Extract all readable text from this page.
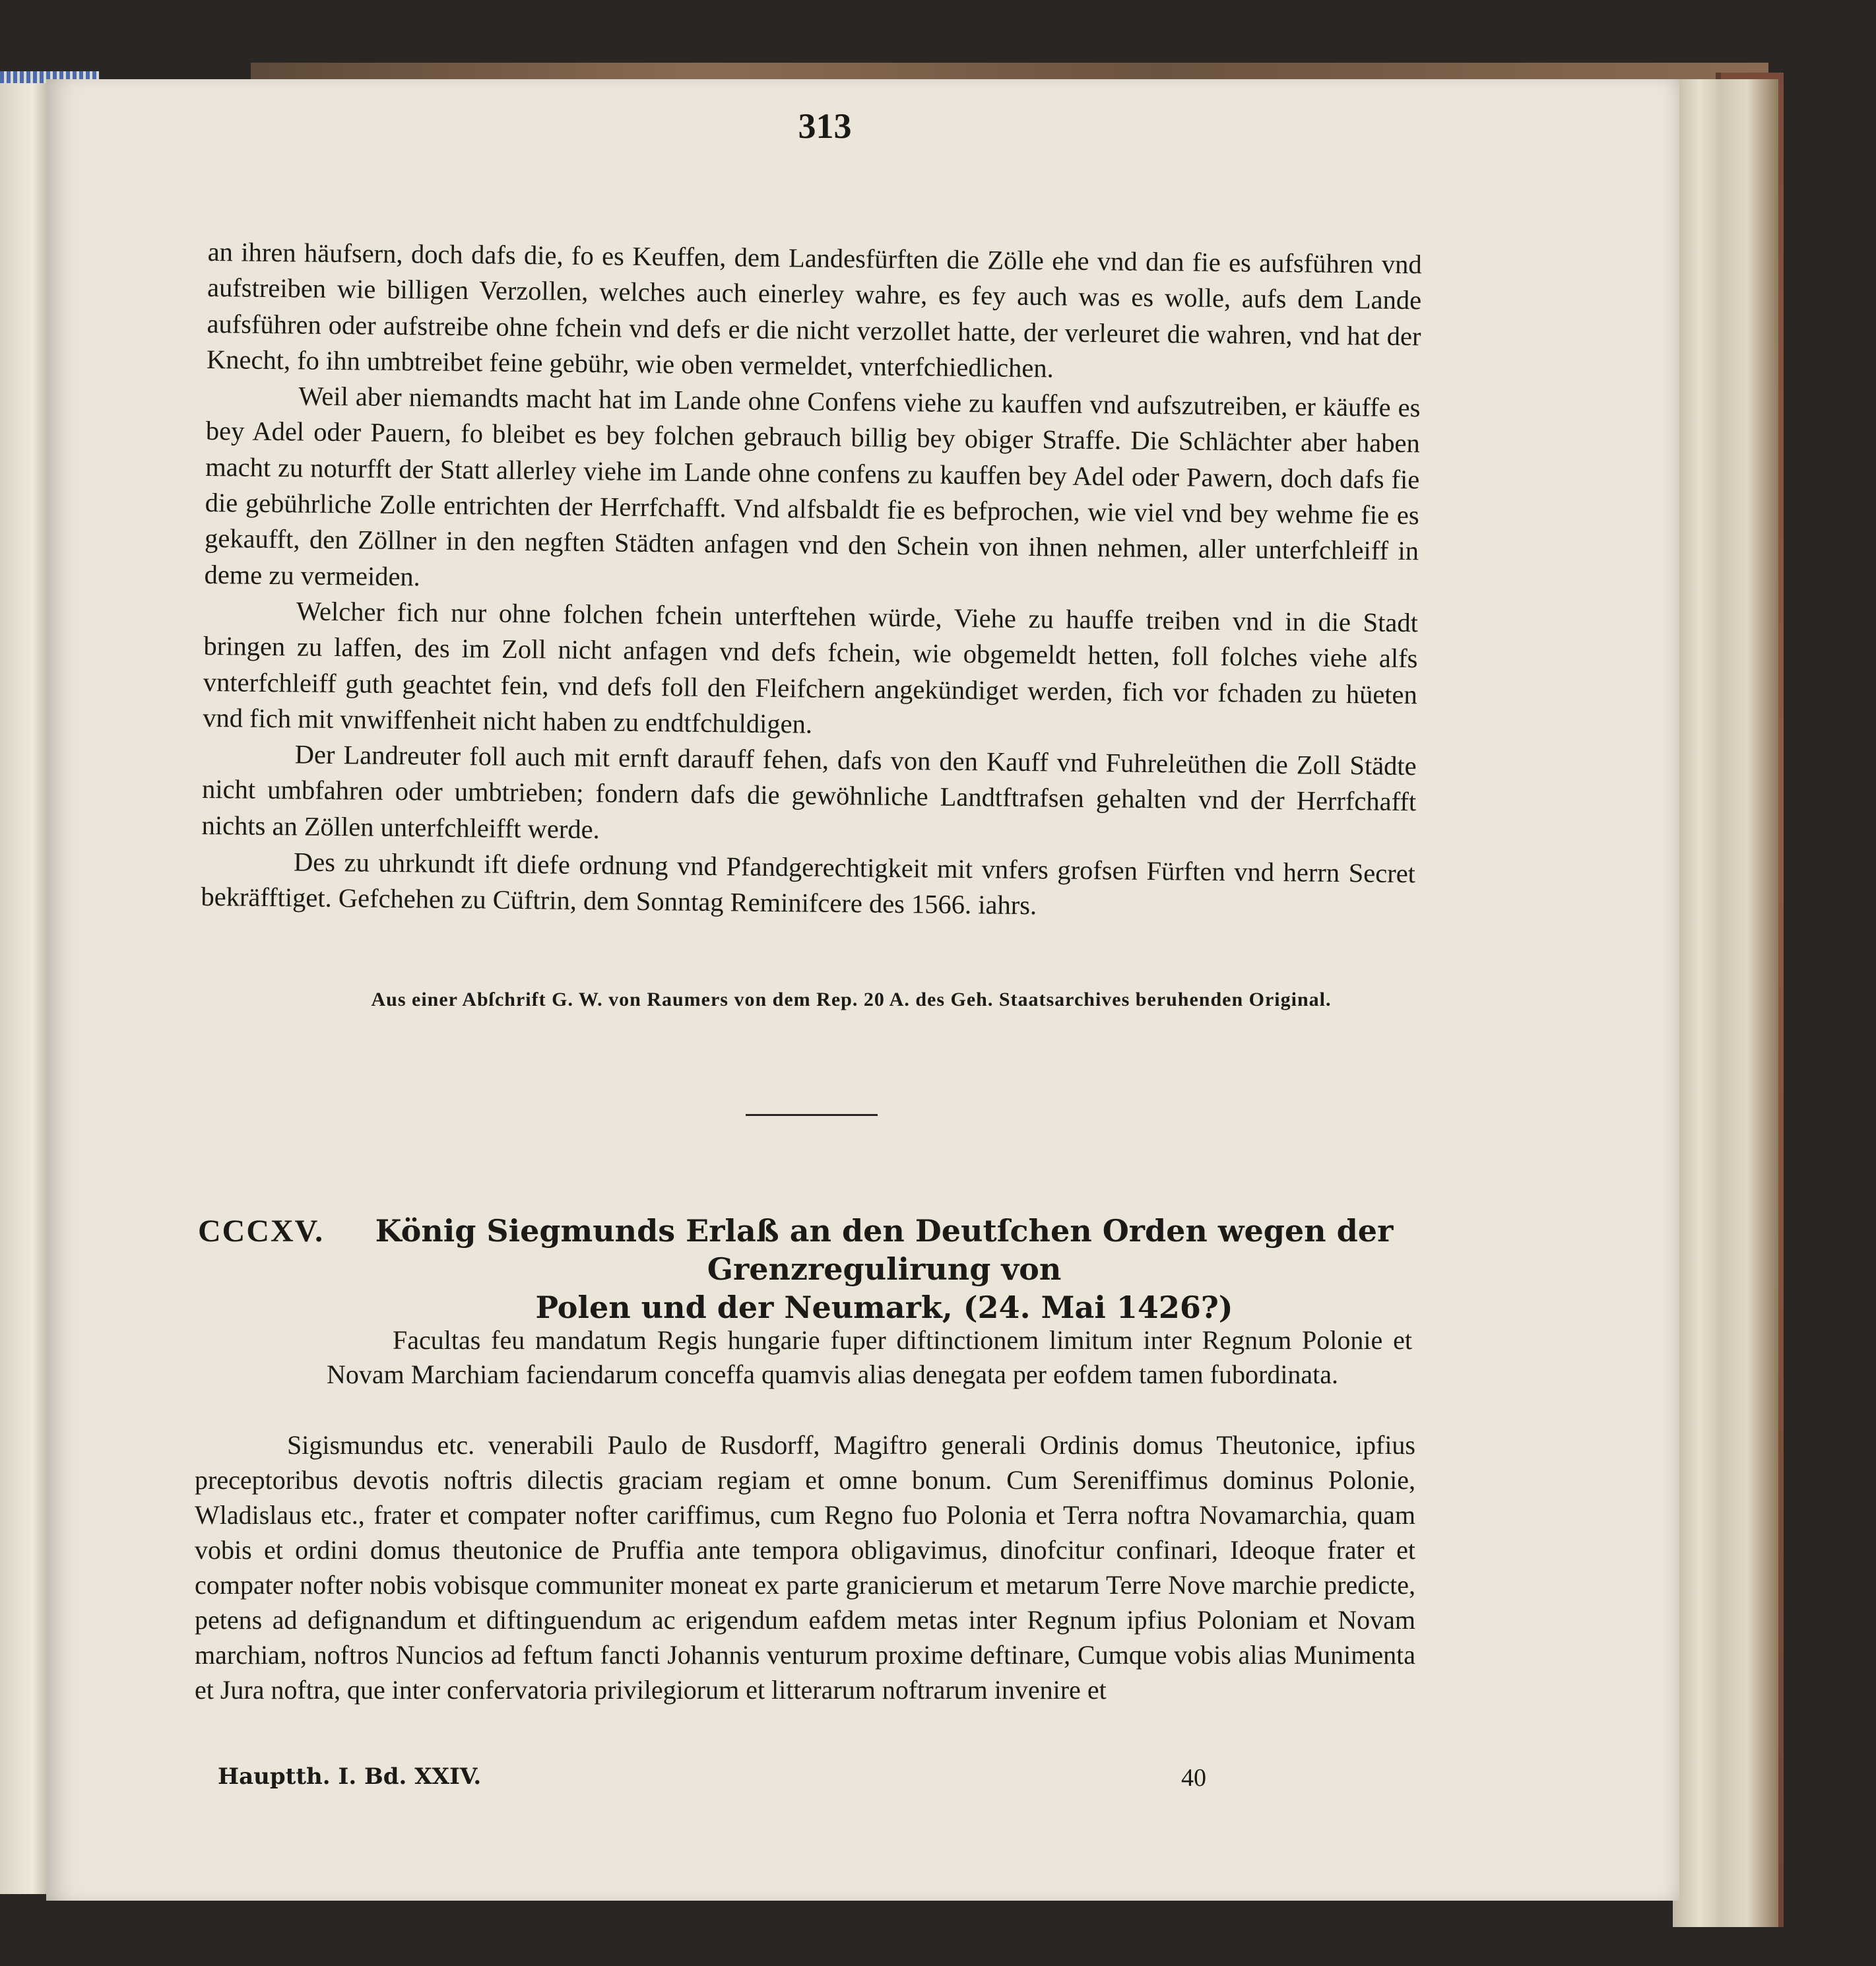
313

an ihren häufsern, doch dafs die, fo es Keuffen, dem Landesfürften die Zölle ehe vnd dan fie es aufsführen vnd aufstreiben wie billigen Verzollen, welches auch einerley wahre, es fey auch was es wolle, aufs dem Lande aufsführen oder aufstreibe ohne fchein vnd defs er die nicht verzollet hatte, der verleuret die wahren, vnd hat der Knecht, fo ihn umbtreibet feine gebühr, wie oben vermeldet, vnterfchiedlichen.

Weil aber niemandts macht hat im Lande ohne Confens viehe zu kauffen vnd aufszutreiben, er käuffe es bey Adel oder Pauern, fo bleibet es bey folchen gebrauch billig bey obiger Straffe. Die Schlächter aber haben macht zu noturfft der Statt allerley viehe im Lande ohne confens zu kauffen bey Adel oder Pawern, doch dafs fie die gebührliche Zolle entrichten der Herrfchafft. Vnd alfsbaldt fie es befprochen, wie viel vnd bey wehme fie es gekaufft, den Zöllner in den negften Städten anfagen vnd den Schein von ihnen nehmen, aller unterfchleiff in deme zu vermeiden.

Welcher fich nur ohne folchen fchein unterftehen würde, Viehe zu hauffe treiben vnd in die Stadt bringen zu laffen, des im Zoll nicht anfagen vnd defs fchein, wie obgemeldt hetten, foll folches viehe alfs vnterfchleiff guth geachtet fein, vnd defs foll den Fleifchern angekündiget werden, fich vor fchaden zu hüeten vnd fich mit vnwiffenheit nicht haben zu endtfchuldigen.

Der Landreuter foll auch mit ernft darauff fehen, dafs von den Kauff vnd Fuhreleüthen die Zoll Städte nicht umbfahren oder umbtrieben; fondern dafs die gewöhnliche Landtftrafsen gehalten vnd der Herrfchafft nichts an Zöllen unterfchleifft werde.

Des zu uhrkundt ift diefe ordnung vnd Pfandgerechtigkeit mit vnfers grofsen Fürften vnd herrn Secret bekräfftiget. Gefchehen zu Cüftrin, dem Sonntag Reminifcere des 1566. iahrs.

Aus einer Abſchrift G. W. von Raumers von dem Rep. 20 A. des Geh. Staatsarchives beruhenden Original.
CCCXV.	König Siegmunds Erlaß an den Deutſchen Orden wegen der Grenzregulirung von
Polen und der Neumark, (24. Mai 1426?)

Facultas feu mandatum Regis hungarie fuper diftinctionem limitum inter Regnum Polonie et Novam Marchiam faciendarum conceffa quamvis alias denegata per eofdem tamen fubordinata.

Sigismundus etc. venerabili Paulo de Rusdorff, Magiftro generali Ordinis domus Theutonice, ipfius preceptoribus devotis noftris dilectis graciam regiam et omne bonum. Cum Sereniffimus dominus Polonie, Wladislaus etc., frater et compater nofter cariffimus, cum Regno fuo Polonia et Terra noftra Novamarchia, quam vobis et ordini domus theutonice de Pruffia ante tempora obligavimus, dinofcitur confinari, Ideoque frater et compater nofter nobis vobisque communiter moneat ex parte granicierum et metarum Terre Nove marchie predicte, petens ad defignandum et diftinguendum ac erigendum eafdem metas inter Regnum ipfius Poloniam et Novam marchiam, noftros Nuncios ad feftum fancti Johannis venturum proxime deftinare, Cumque vobis alias Munimenta et Jura noftra, que inter confervatoria privilegiorum et litterarum noftrarum invenire et

Hauptth. I. Bd. XXIV.	40
